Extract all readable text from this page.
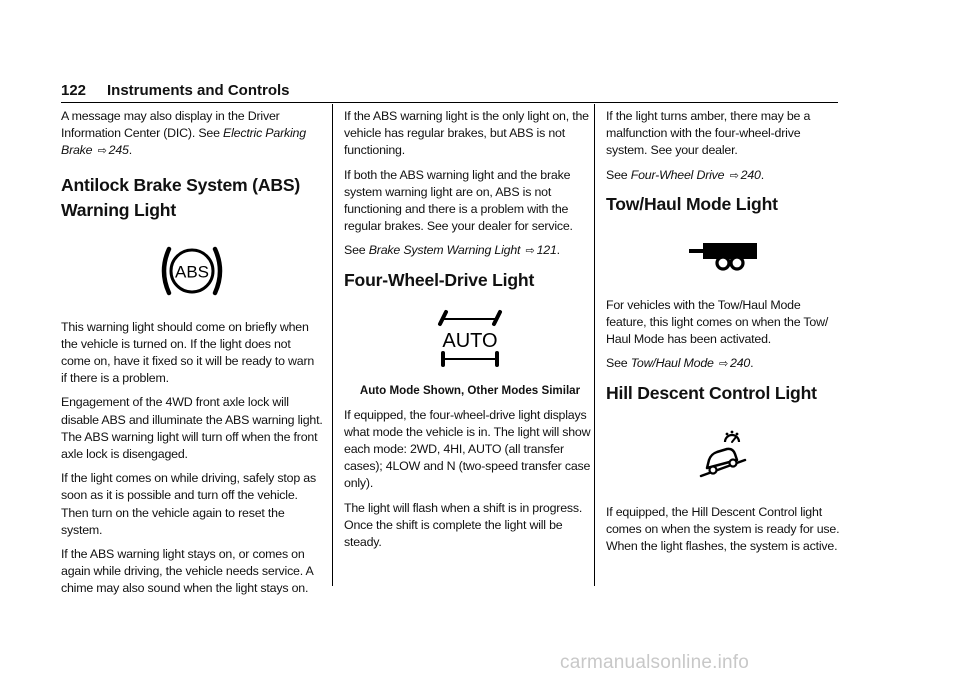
122 Instruments and Controls

A message may also display in the Driver Information Center (DIC). See Electric Parking Brake ⇨ 245.

Antilock Brake System (ABS)
Warning Light
ABS

This warning light should come on briefly when the vehicle is turned on. If the light does not come on, have it fixed so it will be ready to warn if there is a problem.

Engagement of the 4WD front axle lock will disable ABS and illuminate the ABS warning light. The ABS warning light will turn off when the front axle lock is disengaged.

If the light comes on while driving, safely stop as soon as it is possible and turn off the vehicle. Then turn on the vehicle again to reset the system.

If the ABS warning light stays on, or comes on again while driving, the vehicle needs service. A chime may also sound when the light stays on.

If the ABS warning light is the only light on, the vehicle has regular brakes, but ABS is not functioning.

If both the ABS warning light and the brake system warning light are on, ABS is not functioning and there is a problem with the regular brakes. See your dealer for service.

See Brake System Warning Light ⇨ 121.

Four-Wheel-Drive Light
AUTO
Auto Mode Shown, Other Modes Similar

If equipped, the four-wheel-drive light displays what mode the vehicle is in. The light will show each mode: 2WD, 4HI, AUTO (all transfer cases); 4LOW and N (two-speed transfer case only).

The light will flash when a shift is in progress. Once the shift is complete the light will be steady.

If the light turns amber, there may be a malfunction with the four-wheel-drive system. See your dealer.

See Four-Wheel Drive ⇨ 240.

Tow/Haul Mode Light

For vehicles with the Tow/Haul Mode feature, this light comes on when the Tow/ Haul Mode has been activated.

See Tow/Haul Mode ⇨ 240.

Hill Descent Control Light

If equipped, the Hill Descent Control light comes on when the system is ready for use. When the light flashes, the system is active.

carmanualsonline.info
